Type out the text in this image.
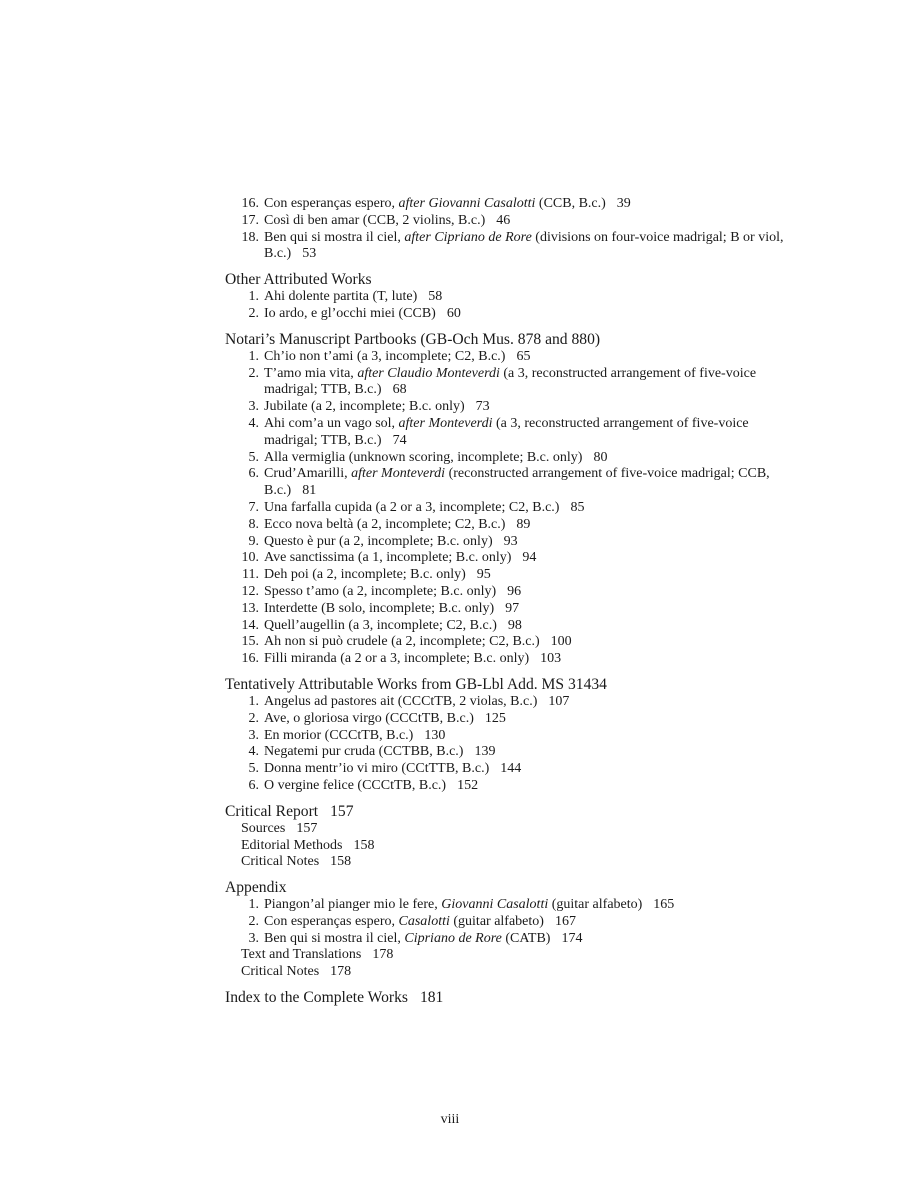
16. Con esperanças espero, after Giovanni Casalotti (CCB, B.c.) 39
17. Così di ben amar (CCB, 2 violins, B.c.) 46
18. Ben qui si mostra il ciel, after Cipriano de Rore (divisions on four-voice madrigal; B or viol, B.c.) 53
Other Attributed Works
1. Ahi dolente partita (T, lute) 58
2. Io ardo, e gl’occhi miei (CCB) 60
Notari’s Manuscript Partbooks (GB-Och Mus. 878 and 880)
1. Ch’io non t’ami (a 3, incomplete; C2, B.c.) 65
2. T’amo mia vita, after Claudio Monteverdi (a 3, reconstructed arrangement of five-voice madrigal; TTB, B.c.) 68
3. Jubilate (a 2, incomplete; B.c. only) 73
4. Ahi com’a un vago sol, after Monteverdi (a 3, reconstructed arrangement of five-voice madrigal; TTB, B.c.) 74
5. Alla vermiglia (unknown scoring, incomplete; B.c. only) 80
6. Crud’Amarilli, after Monteverdi (reconstructed arrangement of five-voice madrigal; CCB, B.c.) 81
7. Una farfalla cupida (a 2 or a 3, incomplete; C2, B.c.) 85
8. Ecco nova beltà (a 2, incomplete; C2, B.c.) 89
9. Questo è pur (a 2, incomplete; B.c. only) 93
10. Ave sanctissima (a 1, incomplete; B.c. only) 94
11. Deh poi (a 2, incomplete; B.c. only) 95
12. Spesso t’amo (a 2, incomplete; B.c. only) 96
13. Interdette (B solo, incomplete; B.c. only) 97
14. Quell’augellin (a 3, incomplete; C2, B.c.) 98
15. Ah non si può crudele (a 2, incomplete; C2, B.c.) 100
16. Filli miranda (a 2 or a 3, incomplete; B.c. only) 103
Tentatively Attributable Works from GB-Lbl Add. MS 31434
1. Angelus ad pastores ait (CCCtTB, 2 violas, B.c.) 107
2. Ave, o gloriosa virgo (CCCtTB, B.c.) 125
3. En morior (CCCtTB, B.c.) 130
4. Negatemi pur cruda (CCTBB, B.c.) 139
5. Donna mentr’io vi miro (CCtTTB, B.c.) 144
6. O vergine felice (CCCtTB, B.c.) 152
Critical Report 157
Sources 157
Editorial Methods 158
Critical Notes 158
Appendix
1. Piangon’al pianger mio le fere, Giovanni Casalotti (guitar alfabeto) 165
2. Con esperanças espero, Casalotti (guitar alfabeto) 167
3. Ben qui si mostra il ciel, Cipriano de Rore (CATB) 174
Text and Translations 178
Critical Notes 178
Index to the Complete Works 181
viii
